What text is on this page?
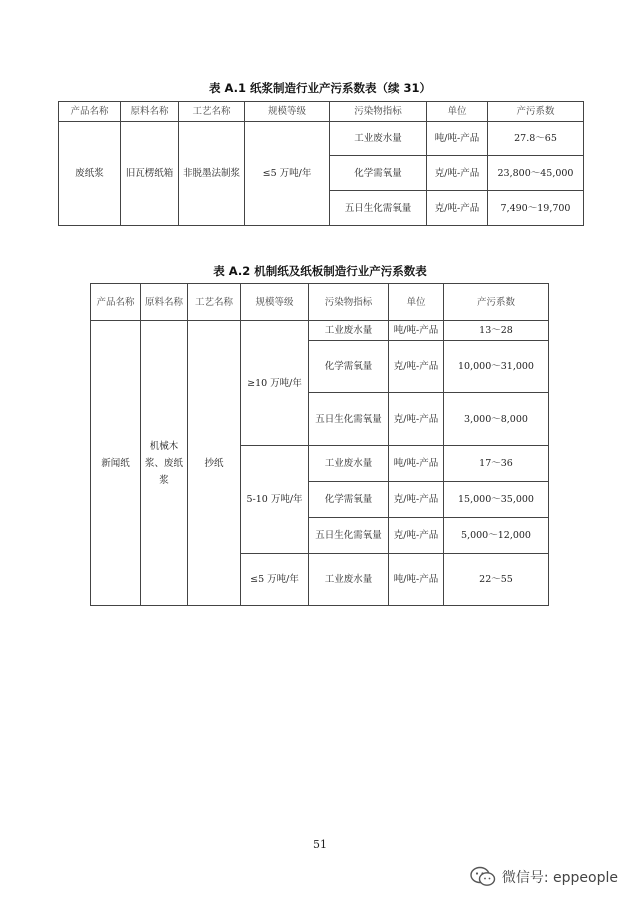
表 A.1 纸浆制造行业产污系数表（续 31）
产品名称	原料名称	工艺名称	规模等级	污染物指标	单位	产污系数
废纸浆	旧瓦楞纸箱	非脱墨法制浆	≤5 万吨/年	工业废水量	吨/吨-产品	27.8～65
				化学需氧量	克/吨-产品	23,800～45,000
				五日生化需氧量	克/吨-产品	7,490～19,700
表 A.2 机制纸及纸板制造行业产污系数表
产品名称	原料名称	工艺名称	规模等级	污染物指标	单位	产污系数
新闻纸	机械木浆、废纸浆	抄纸	≥10 万吨/年	工业废水量	吨/吨-产品	13～28
				化学需氧量	克/吨-产品	10,000～31,000
				五日生化需氧量	克/吨-产品	3,000～8,000
			5-10 万吨/年	工业废水量	吨/吨-产品	17～36
				化学需氧量	克/吨-产品	15,000～35,000
				五日生化需氧量	克/吨-产品	5,000～12,000
			≤5 万吨/年	工业废水量	吨/吨-产品	22～55
51
微信号: eppeople
